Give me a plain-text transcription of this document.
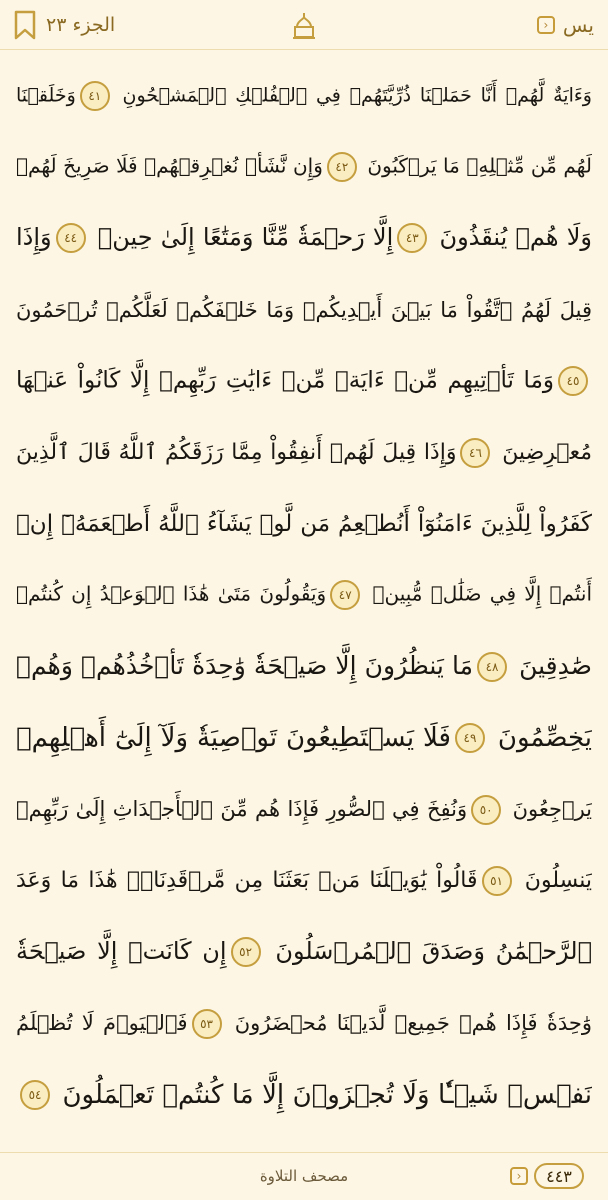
الجزء ٢٣	› يس
وَءَايَةٌ لَّهُمۡ أَنَّا حَمَلۡنَا ذُرِّيَّتَهُمۡ فِي ٱلۡفُلۡكِ ٱلۡمَشۡحُونِ ٤١وَخَلَقۡنَا
لَهُم مِّن مِّثۡلِهِۦ مَا يَرۡكَبُونَ ٤٢وَإِن نَّشَأۡ نُغۡرِقۡهُمۡ فَلَا صَرِيخَ لَهُمۡ
وَلَا هُمۡ يُنقَذُونَ ٤٣إِلَّا رَحۡمَةٗ مِّنَّا وَمَتَٰعًا إِلَىٰ حِينٖ ٤٤وَإِذَا
قِيلَ لَهُمُ ٱتَّقُواْ مَا بَيۡنَ أَيۡدِيكُمۡ وَمَا خَلۡفَكُمۡ لَعَلَّكُمۡ تُرۡحَمُونَ
٤٥وَمَا تَأۡتِيهِم مِّنۡ ءَايَةٖ مِّنۡ ءَايَٰتِ رَبِّهِمۡ إِلَّا كَانُواْ عَنۡهَا
مُعۡرِضِينَ ٤٦وَإِذَا قِيلَ لَهُمۡ أَنفِقُواْ مِمَّا رَزَقَكُمُ ٱللَّهُ قَالَ ٱلَّذِينَ
كَفَرُواْ لِلَّذِينَ ءَامَنُوٓاْ أَنُطۡعِمُ مَن لَّوۡ يَشَآءُ ٱللَّهُ أَطۡعَمَهُۥٓ إِنۡ
أَنتُمۡ إِلَّا فِي ضَلَٰلٖ مُّبِينٖ ٤٧وَيَقُولُونَ مَتَىٰ هَٰذَا ٱلۡوَعۡدُ إِن كُنتُمۡ
صَٰدِقِينَ ٤٨مَا يَنظُرُونَ إِلَّا صَيۡحَةٗ وَٰحِدَةٗ تَأۡخُذُهُمۡ وَهُمۡ
يَخِصِّمُونَ ٤٩فَلَا يَسۡتَطِيعُونَ تَوۡصِيَةٗ وَلَآ إِلَىٰٓ أَهۡلِهِمۡ
يَرۡجِعُونَ ٥٠وَنُفِخَ فِي ٱلصُّورِ فَإِذَا هُم مِّنَ ٱلۡأَجۡدَاثِ إِلَىٰ رَبِّهِمۡ
يَنسِلُونَ ٥١قَالُواْ يَٰوَيۡلَنَا مَنۢ بَعَثَنَا مِن مَّرۡقَدِنَاۜۗ هَٰذَا مَا وَعَدَ
ٱلرَّحۡمَٰنُ وَصَدَقَ ٱلۡمُرۡسَلُونَ ٥٢إِن كَانَتۡ إِلَّا صَيۡحَةٗ
وَٰحِدَةٗ فَإِذَا هُمۡ جَمِيعٞ لَّدَيۡنَا مُحۡضَرُونَ ٥٣فَٱلۡيَوۡمَ لَا تُظۡلَمُ
نَفۡسٞ شَيۡـٔٗا وَلَا تُجۡزَوۡنَ إِلَّا مَا كُنتُمۡ تَعۡمَلُونَ ٥٤
مصحف التلاوة	›	٤٤٣
